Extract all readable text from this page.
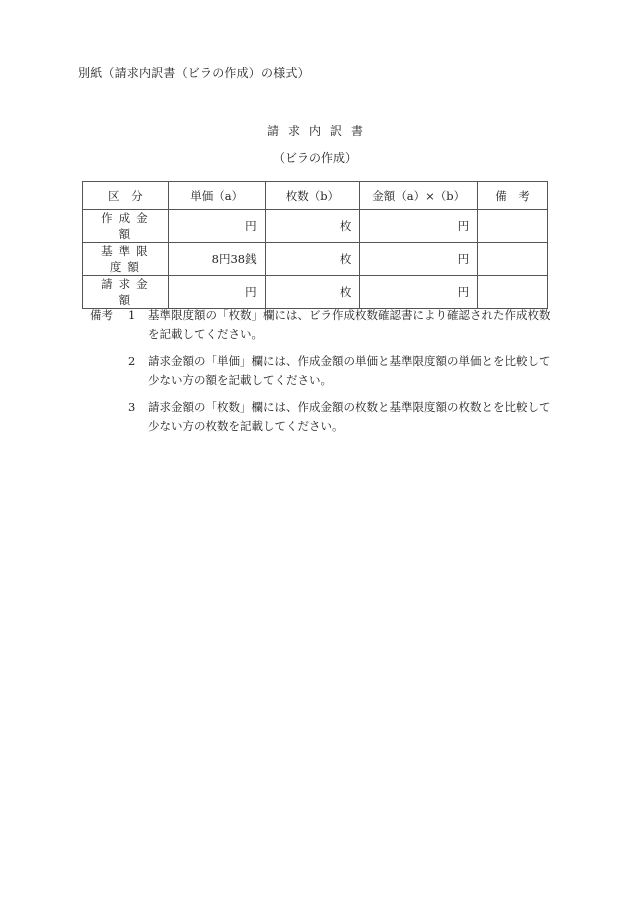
別紙（請求内訳書（ビラの作成）の様式）
請求内訳書
（ビラの作成）
区　分	単価（a）	枚数（b）	金額（a）×（b）	備　考
作成金額	円	枚	円	
基準限度額	8円38銭	枚	円	
請求金額	円	枚	円	
備考	1	基準限度額の「枚数」欄には、ビラ作成枚数確認書により確認された作成枚数を記載してください。
2	請求金額の「単価」欄には、作成金額の単価と基準限度額の単価とを比較して少ない方の額を記載してください。
3	請求金額の「枚数」欄には、作成金額の枚数と基準限度額の枚数とを比較して少ない方の枚数を記載してください。
